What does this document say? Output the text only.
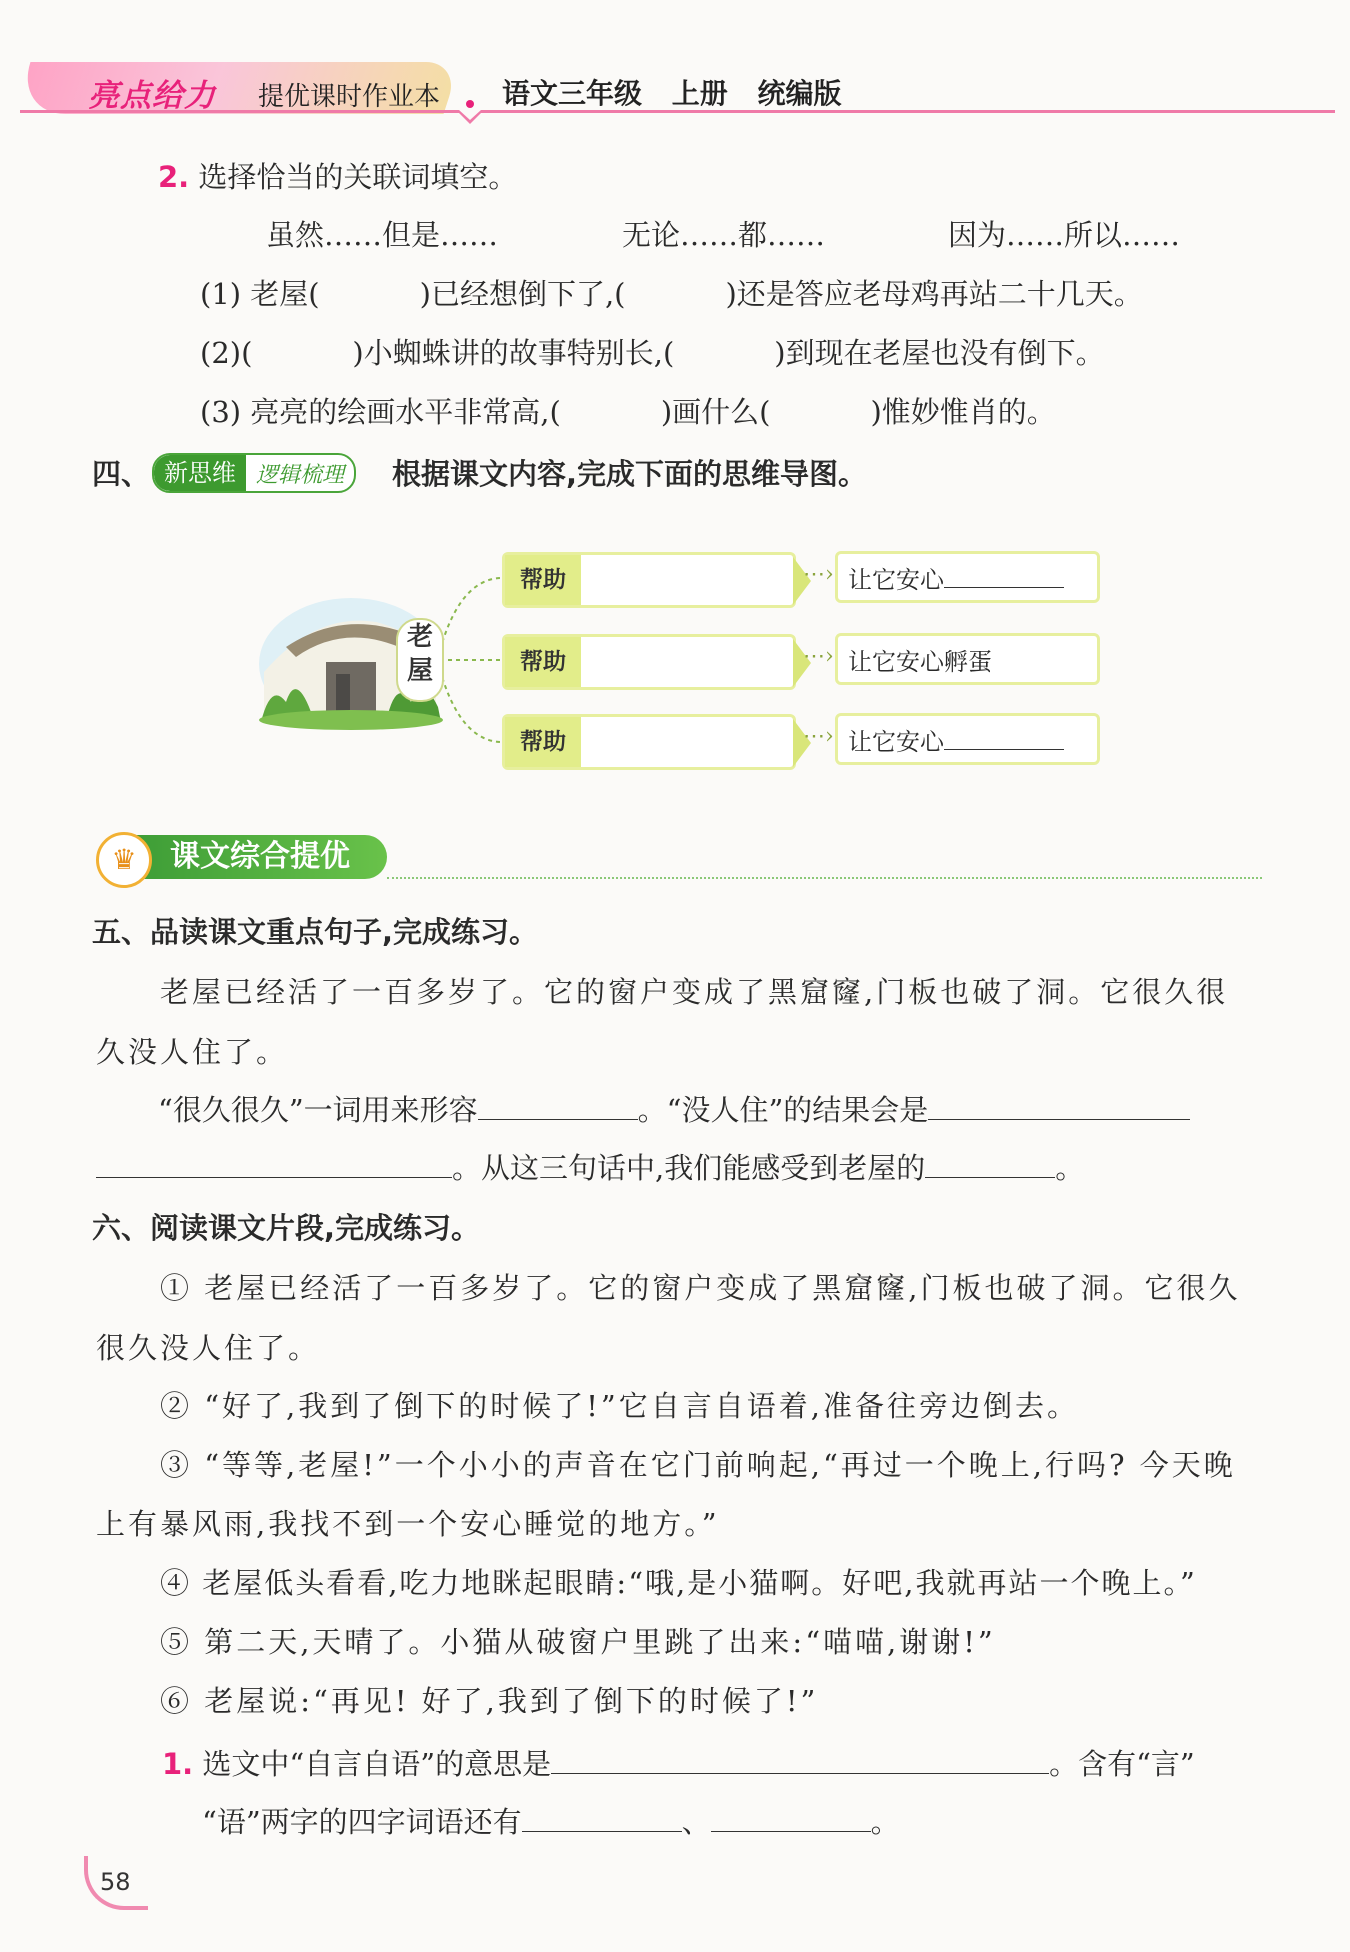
亮点给力 提优课时作业本 语文三年级 上册 统编版
2. 选择恰当的关联词填空。
虽然……但是……	无论……都……	因为……所以……
(1) 老屋(	)已经想倒下了,(	)还是答应老母鸡再站二十几天。
(2)(	)小蜘蛛讲的故事特别长,(	)到现在老屋也没有倒下。
(3) 亮亮的绘画水平非常高,(	)画什么(	)惟妙惟肖的。
四、 新思维 逻辑梳理	根据课文内容,完成下面的思维导图。
老屋
帮助	⋯› 让它安心
帮助	⋯› 让它安心孵蛋
帮助	⋯› 让它安心
课文综合提优
♛
五、品读课文重点句子,完成练习。
老屋已经活了一百多岁了。它的窗户变成了黑窟窿,门板也破了洞。它很久很
久没人住了。
“很久很久”一词用来形容	。“没人住”的结果会是
。从这三句话中,我们能感受到老屋的	。
六、阅读课文片段,完成练习。
① 老屋已经活了一百多岁了。它的窗户变成了黑窟窿,门板也破了洞。它很久
很久没人住了。
② “好了,我到了倒下的时候了!”它自言自语着,准备往旁边倒去。
③ “等等,老屋!”一个小小的声音在它门前响起,“再过一个晚上,行吗? 今天晚
上有暴风雨,我找不到一个安心睡觉的地方。”
④ 老屋低头看看,吃力地眯起眼睛:“哦,是小猫啊。好吧,我就再站一个晚上。”
⑤ 第二天,天晴了。小猫从破窗户里跳了出来:“喵喵,谢谢!”
⑥ 老屋说:“再见! 好了,我到了倒下的时候了!”
1. 选文中“自言自语”的意思是	。含有“言”
“语”两字的四字词语还有	、	。
58
